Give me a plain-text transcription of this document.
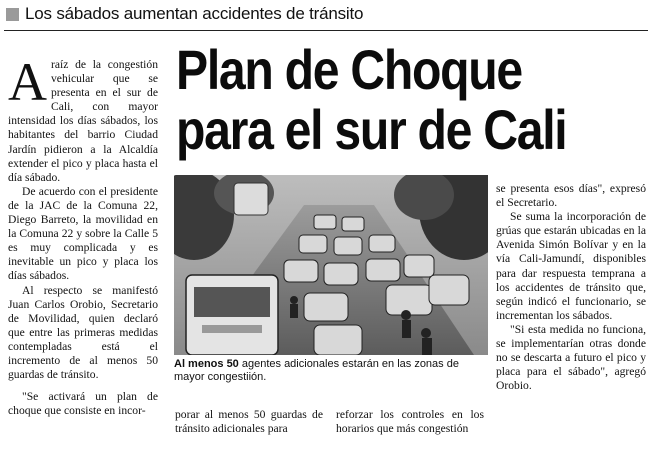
Los sábados aumentan accidentes de tránsito

Araíz de la congestión vehicular que se presenta en el sur de Cali, con mayor intensidad los días sábados, los habitantes del barrio Ciudad Jardín pidieron a la Alcaldía extender el pico y placa hasta el día sábado.

De acuerdo con el presidente de la JAC de la Comuna 22, Diego Barreto, la movilidad en la Comuna 22 y sobre la Calle 5 es muy complicada y es inevitable un pico y placa los días sábados.

Al respecto se manifestó Juan Carlos Orobio, Secretario de Movilidad, quien declaró que entre las primeras medidas contempladas está el incremento de al menos 50 guardas de tránsito.

"Se activará un plan de choque que consiste en incor-

Plan de Choque
para el sur de Cali
Al menos 50 agentes adicionales estarán en las zonas de mayor congestiión.

porar al menos 50 guardas de tránsito adicionales para

reforzar los controles en los horarios que más congestión

se presenta esos días", expresó el Secretario.

Se suma la incorporación de grúas que estarán ubicadas en la Avenida Simón Bolívar y en la vía Cali-Jamundí, disponibles para dar respuesta temprana a los accidentes de tránsito que, según indicó el funcionario, se incrementan los sábados.

"Si esta medida no funciona, se implementarían otras donde no se descarta a futuro el pico y placa para el sábado", agregó Orobio.
